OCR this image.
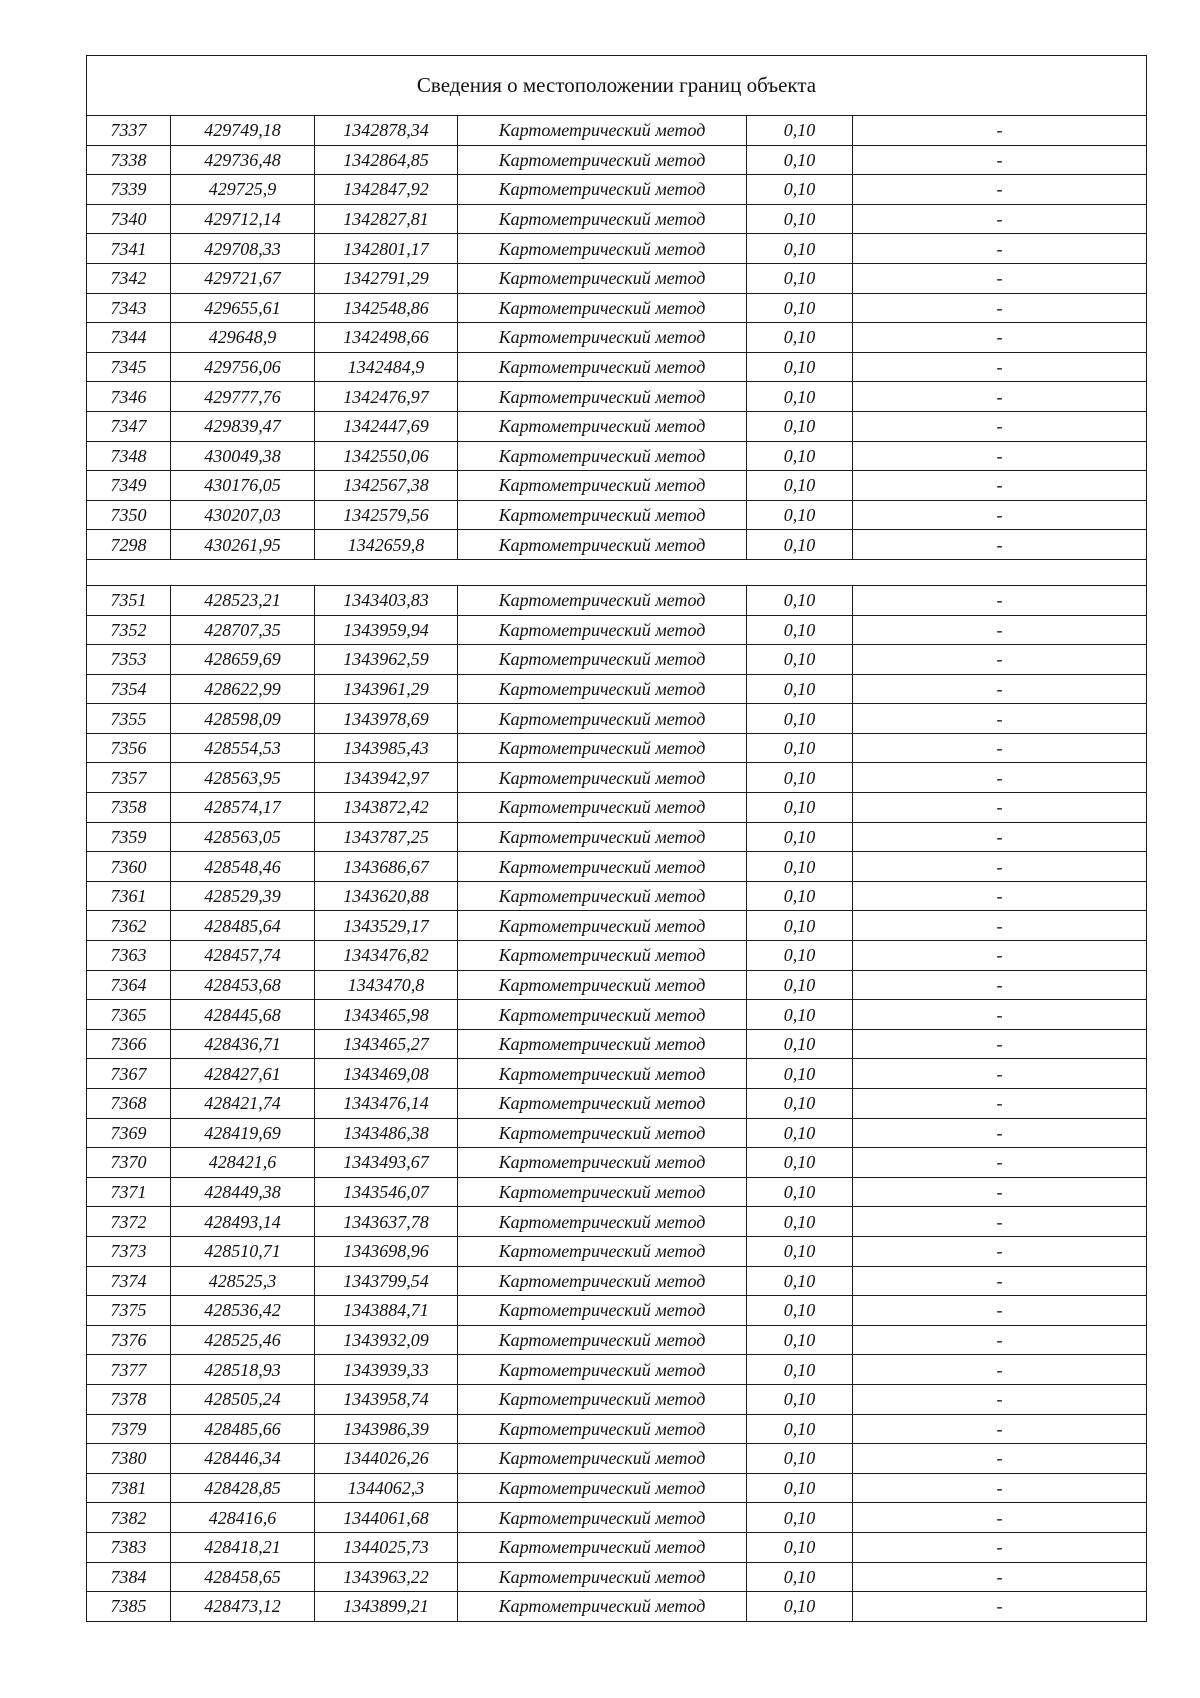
Сведения о местоположении границ объекта					
7337	429749,18	1342878,34	Картометрический метод	0,10	-
7338	429736,48	1342864,85	Картометрический метод	0,10	-
7339	429725,9	1342847,92	Картометрический метод	0,10	-
7340	429712,14	1342827,81	Картометрический метод	0,10	-
7341	429708,33	1342801,17	Картометрический метод	0,10	-
7342	429721,67	1342791,29	Картометрический метод	0,10	-
7343	429655,61	1342548,86	Картометрический метод	0,10	-
7344	429648,9	1342498,66	Картометрический метод	0,10	-
7345	429756,06	1342484,9	Картометрический метод	0,10	-
7346	429777,76	1342476,97	Картометрический метод	0,10	-
7347	429839,47	1342447,69	Картометрический метод	0,10	-
7348	430049,38	1342550,06	Картометрический метод	0,10	-
7349	430176,05	1342567,38	Картометрический метод	0,10	-
7350	430207,03	1342579,56	Картометрический метод	0,10	-
7298	430261,95	1342659,8	Картометрический метод	0,10	-

7351	428523,21	1343403,83	Картометрический метод	0,10	-
7352	428707,35	1343959,94	Картометрический метод	0,10	-
7353	428659,69	1343962,59	Картометрический метод	0,10	-
7354	428622,99	1343961,29	Картометрический метод	0,10	-
7355	428598,09	1343978,69	Картометрический метод	0,10	-
7356	428554,53	1343985,43	Картометрический метод	0,10	-
7357	428563,95	1343942,97	Картометрический метод	0,10	-
7358	428574,17	1343872,42	Картометрический метод	0,10	-
7359	428563,05	1343787,25	Картометрический метод	0,10	-
7360	428548,46	1343686,67	Картометрический метод	0,10	-
7361	428529,39	1343620,88	Картометрический метод	0,10	-
7362	428485,64	1343529,17	Картометрический метод	0,10	-
7363	428457,74	1343476,82	Картометрический метод	0,10	-
7364	428453,68	1343470,8	Картометрический метод	0,10	-
7365	428445,68	1343465,98	Картометрический метод	0,10	-
7366	428436,71	1343465,27	Картометрический метод	0,10	-
7367	428427,61	1343469,08	Картометрический метод	0,10	-
7368	428421,74	1343476,14	Картометрический метод	0,10	-
7369	428419,69	1343486,38	Картометрический метод	0,10	-
7370	428421,6	1343493,67	Картометрический метод	0,10	-
7371	428449,38	1343546,07	Картометрический метод	0,10	-
7372	428493,14	1343637,78	Картометрический метод	0,10	-
7373	428510,71	1343698,96	Картометрический метод	0,10	-
7374	428525,3	1343799,54	Картометрический метод	0,10	-
7375	428536,42	1343884,71	Картометрический метод	0,10	-
7376	428525,46	1343932,09	Картометрический метод	0,10	-
7377	428518,93	1343939,33	Картометрический метод	0,10	-
7378	428505,24	1343958,74	Картометрический метод	0,10	-
7379	428485,66	1343986,39	Картометрический метод	0,10	-
7380	428446,34	1344026,26	Картометрический метод	0,10	-
7381	428428,85	1344062,3	Картометрический метод	0,10	-
7382	428416,6	1344061,68	Картометрический метод	0,10	-
7383	428418,21	1344025,73	Картометрический метод	0,10	-
7384	428458,65	1343963,22	Картометрический метод	0,10	-
7385	428473,12	1343899,21	Картометрический метод	0,10	-
